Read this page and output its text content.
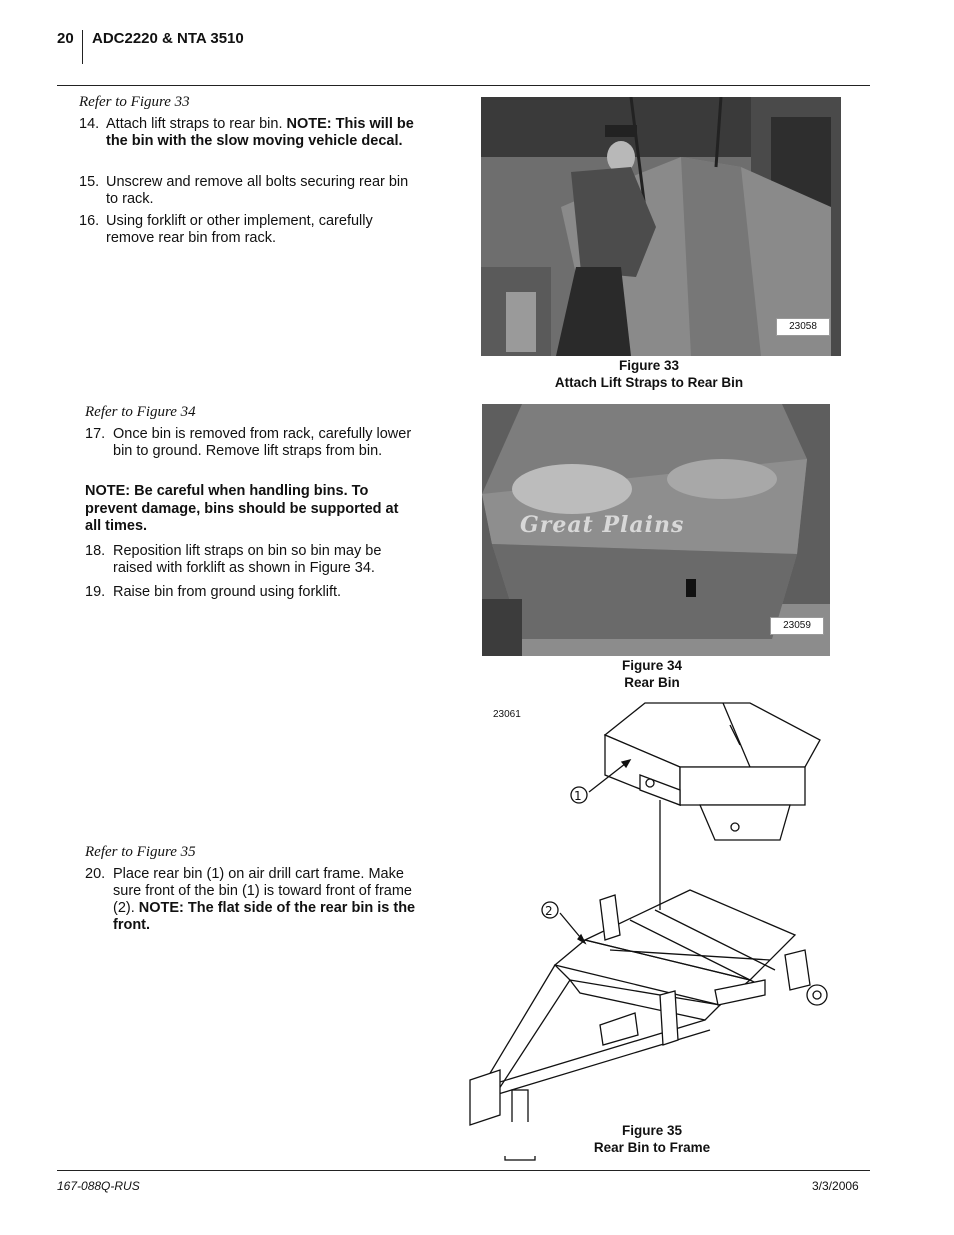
20 ADC2220 & NTA 3510
Refer to Figure 33
14. Attach lift straps to rear bin. NOTE: This will be the bin with the slow moving vehicle decal.
15. Unscrew and remove all bolts securing rear bin to rack.
16. Using forklift or other implement, carefully remove rear bin from rack.
23058
Figure 33
Attach Lift Straps to Rear Bin
Refer to Figure 34
17. Once bin is removed from rack, carefully lower bin to ground. Remove lift straps from bin.
NOTE: Be careful when handling bins. To prevent damage, bins should be supported at all times.
18. Reposition lift straps on bin so bin may be raised with forklift as shown in Figure 34.
19. Raise bin from ground using forklift.
Great Plains
23059
Figure 34
Rear Bin
Refer to Figure 35
20. Place rear bin (1) on air drill cart frame. Make sure front of the bin (1) is toward front of frame (2). NOTE: The flat side of the rear bin is the front.
23061
1
2
Figure 35
Rear Bin to Frame
167-088Q-RUS	3/3/2006
